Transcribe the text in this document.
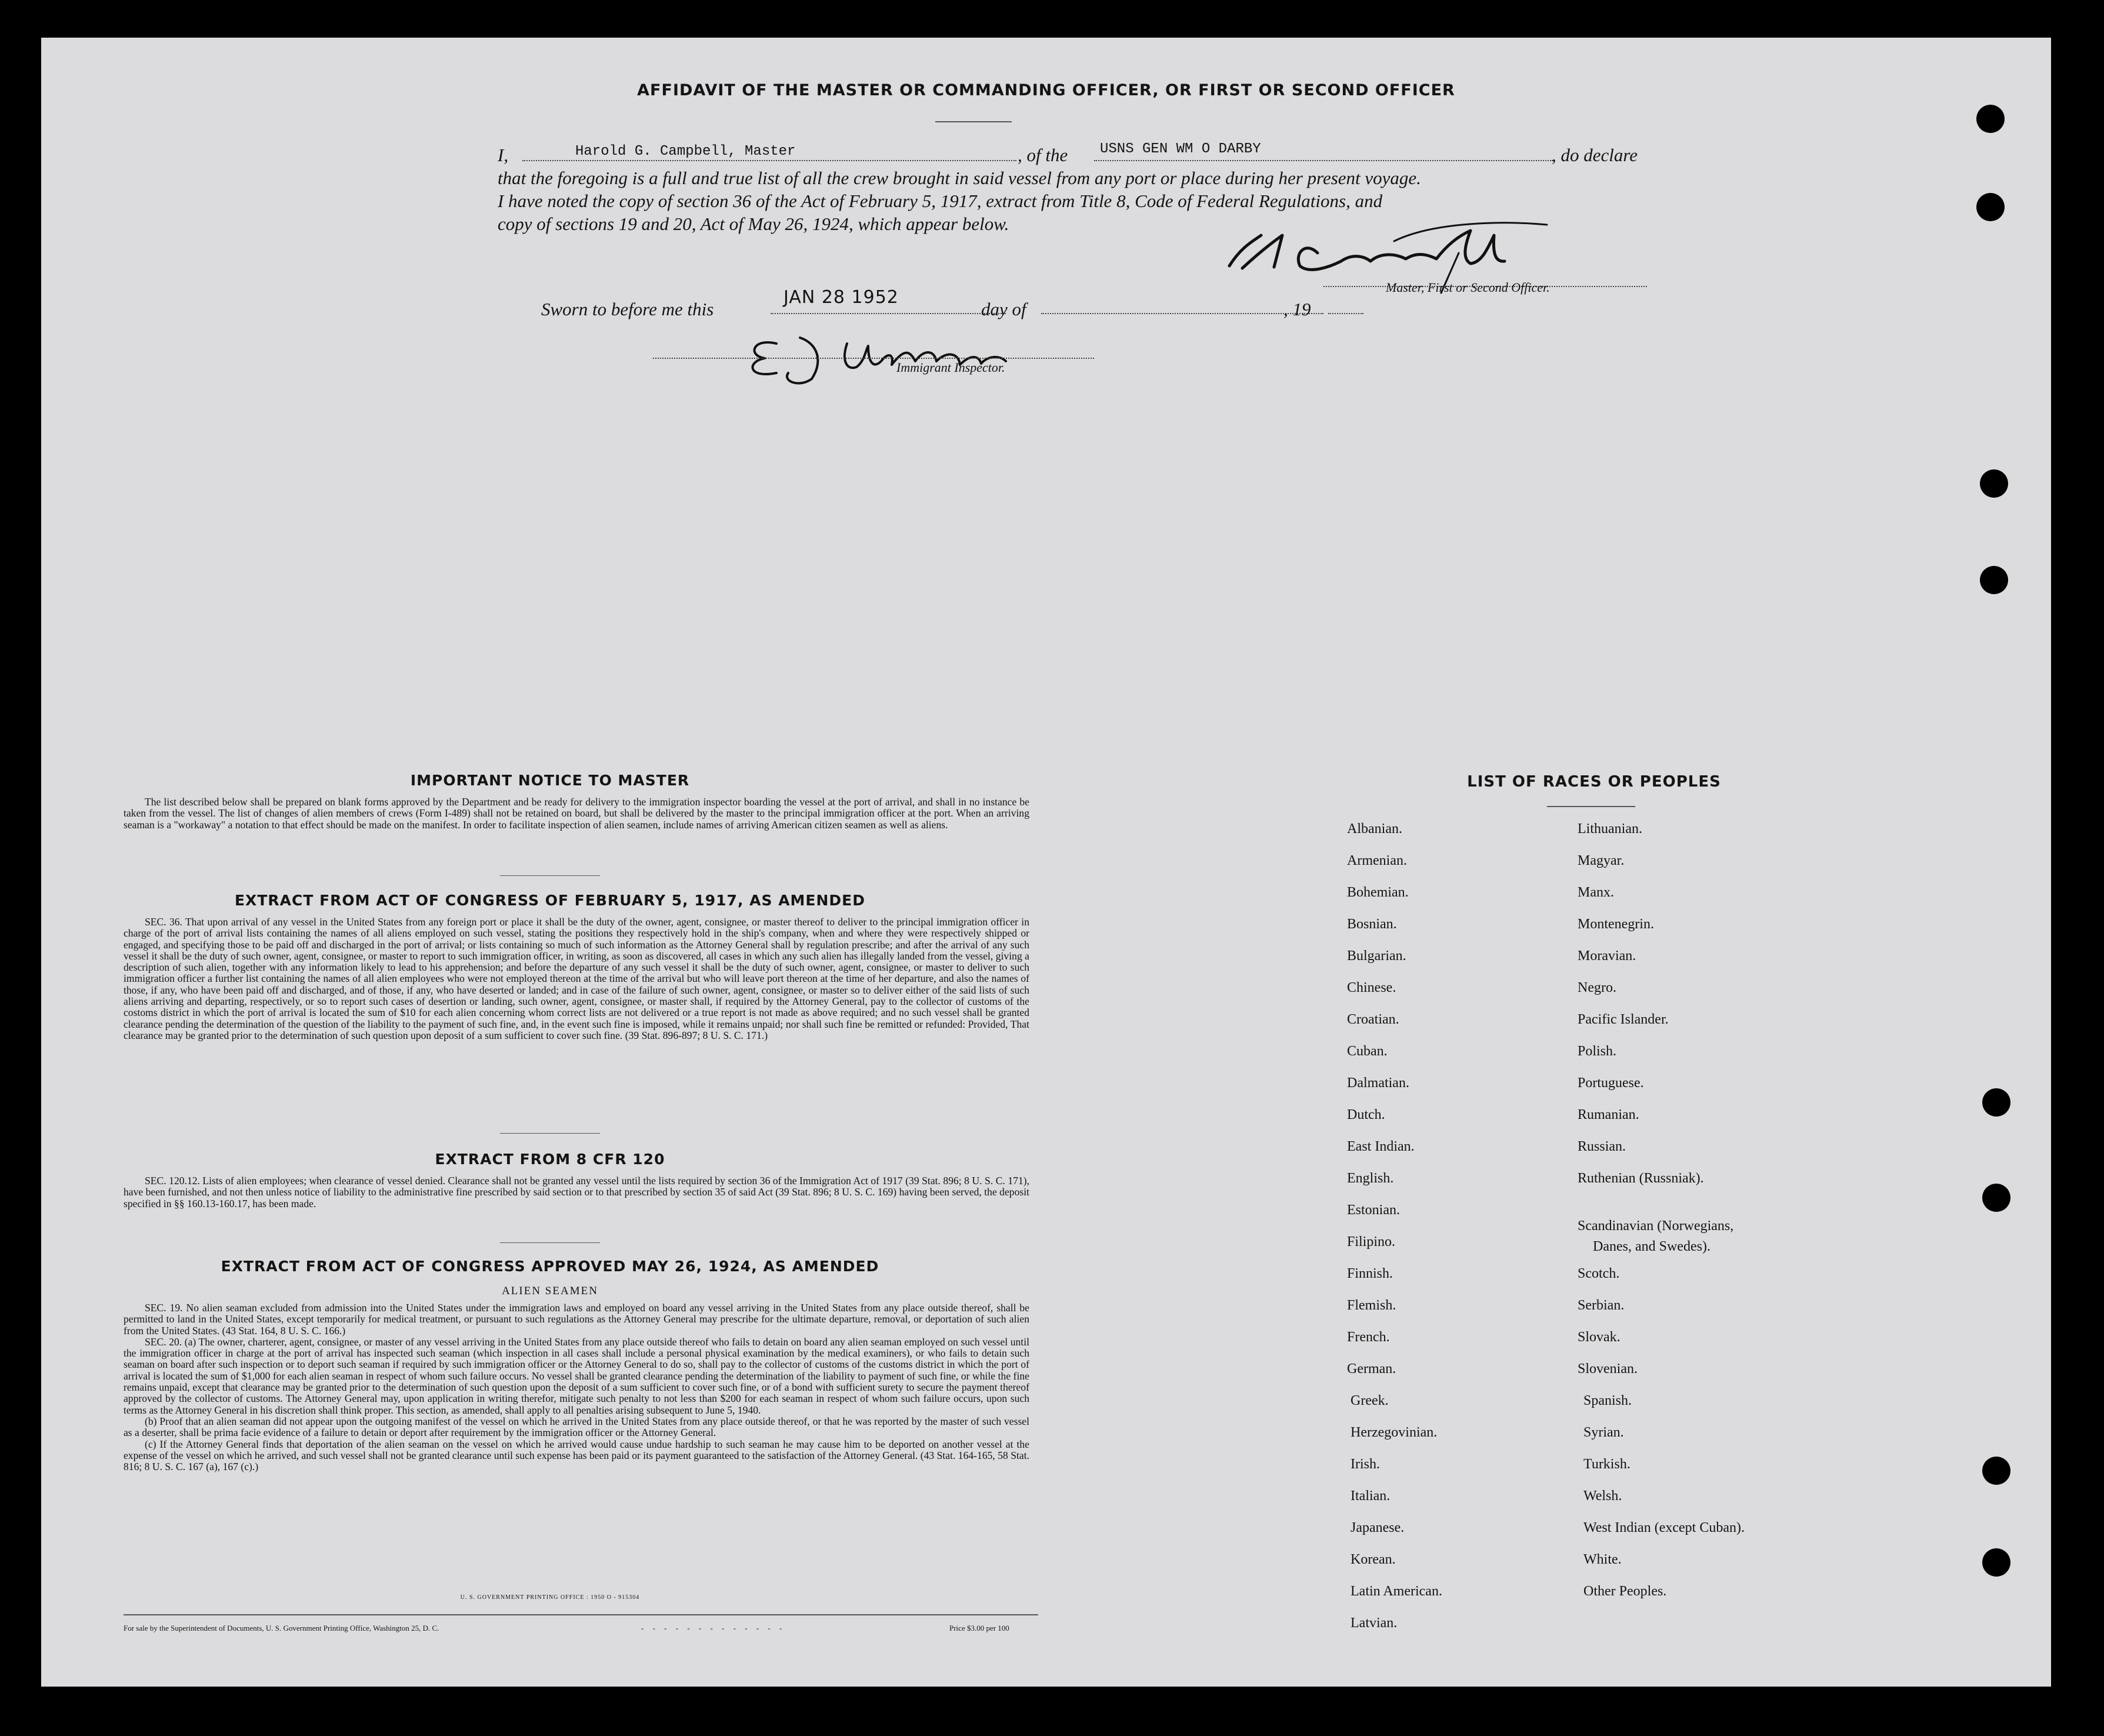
AFFIDAVIT OF THE MASTER OR COMMANDING OFFICER, OR FIRST OR SECOND OFFICER
I,	Harold G. Campbell, Master	, of the USNS GEN WM O DARBY	, do declare
that the foregoing is a full and true list of all the crew brought in said vessel from any port or place during her present voyage.
I have noted the copy of section 36 of the Act of February 5, 1917, extract from Title 8, Code of Federal Regulations, and
copy of sections 19 and 20, Act of May 26, 1924, which appear below.
Master, First or Second Officer.
Sworn to before me this
JAN 28 1952
day of	, 19
Immigrant Inspector.
IMPORTANT NOTICE TO MASTER

The list described below shall be prepared on blank forms approved by the Department and be ready for delivery to the immigration inspector boarding the vessel at the port of arrival, and shall in no instance be taken from the vessel. The list of changes of alien members of crews (Form I-489) shall not be retained on board, but shall be delivered by the master to the principal immigration officer at the port. When an arriving seaman is a "workaway" a notation to that effect should be made on the manifest. In order to facilitate inspection of alien seamen, include names of arriving American citizen seamen as well as aliens.

EXTRACT FROM ACT OF CONGRESS OF FEBRUARY 5, 1917, AS AMENDED

SEC. 36. That upon arrival of any vessel in the United States from any foreign port or place it shall be the duty of the owner, agent, consignee, or master thereof to deliver to the principal immigration officer in charge of the port of arrival lists containing the names of all aliens employed on such vessel, stating the positions they respectively hold in the ship's company, when and where they were respectively shipped or engaged, and specifying those to be paid off and discharged in the port of arrival; or lists containing so much of such information as the Attorney General shall by regulation prescribe; and after the arrival of any such vessel it shall be the duty of such owner, agent, consignee, or master to report to such immigration officer, in writing, as soon as discovered, all cases in which any such alien has illegally landed from the vessel, giving a description of such alien, together with any information likely to lead to his apprehension; and before the departure of any such vessel it shall be the duty of such owner, agent, consignee, or master to deliver to such immigration officer a further list containing the names of all alien employees who were not employed thereon at the time of the arrival but who will leave port thereon at the time of her departure, and also the names of those, if any, who have been paid off and discharged, and of those, if any, who have deserted or landed; and in case of the failure of such owner, agent, consignee, or master so to deliver either of the said lists of such aliens arriving and departing, respectively, or so to report such cases of desertion or landing, such owner, agent, consignee, or master shall, if required by the Attorney General, pay to the collector of customs of the costoms district in which the port of arrival is located the sum of $10 for each alien concerning whom correct lists are not delivered or a true report is not made as above required; and no such vessel shall be granted clearance pending the determination of the question of the liability to the payment of such fine, and, in the event such fine is imposed, while it remains unpaid; nor shall such fine be remitted or refunded: Provided, That clearance may be granted prior to the determination of such question upon deposit of a sum sufficient to cover such fine. (39 Stat. 896-897; 8 U. S. C. 171.)

EXTRACT FROM 8 CFR 120

SEC. 120.12. Lists of alien employees; when clearance of vessel denied. Clearance shall not be granted any vessel until the lists required by section 36 of the Immigration Act of 1917 (39 Stat. 896; 8 U. S. C. 171), have been furnished, and not then unless notice of liability to the administrative fine prescribed by said section or to that prescribed by section 35 of said Act (39 Stat. 896; 8 U. S. C. 169) having been served, the deposit specified in §§ 160.13-160.17, has been made.

EXTRACT FROM ACT OF CONGRESS APPROVED MAY 26, 1924, AS AMENDED
ALIEN SEAMEN

SEC. 19. No alien seaman excluded from admission into the United States under the immigration laws and employed on board any vessel arriving in the United States from any place outside thereof, shall be permitted to land in the United States, except temporarily for medical treatment, or pursuant to such regulations as the Attorney General may prescribe for the ultimate departure, removal, or deportation of such alien from the United States. (43 Stat. 164, 8 U. S. C. 166.)

SEC. 20. (a) The owner, charterer, agent, consignee, or master of any vessel arriving in the United States from any place outside thereof who fails to detain on board any alien seaman employed on such vessel until the immigration officer in charge at the port of arrival has inspected such seaman (which inspection in all cases shall include a personal physical examination by the medical examiners), or who fails to detain such seaman on board after such inspection or to deport such seaman if required by such immigration officer or the Attorney General to do so, shall pay to the collector of customs of the customs district in which the port of arrival is located the sum of $1,000 for each alien seaman in respect of whom such failure occurs. No vessel shall be granted clearance pending the determination of the liability to payment of such fine, or while the fine remains unpaid, except that clearance may be granted prior to the determination of such question upon the deposit of a sum sufficient to cover such fine, or of a bond with sufficient surety to secure the payment thereof approved by the collector of customs. The Attorney General may, upon application in writing therefor, mitigate such penalty to not less than $200 for each seaman in respect of whom such failure occurs, upon such terms as the Attorney General in his discretion shall think proper. This section, as amended, shall apply to all penalties arising subsequent to June 5, 1940.

(b) Proof that an alien seaman did not appear upon the outgoing manifest of the vessel on which he arrived in the United States from any place outside thereof, or that he was reported by the master of such vessel as a deserter, shall be prima facie evidence of a failure to detain or deport after requirement by the immigration officer or the Attorney General.

(c) If the Attorney General finds that deportation of the alien seaman on the vessel on which he arrived would cause undue hardship to such seaman he may cause him to be deported on another vessel at the expense of the vessel on which he arrived, and such vessel shall not be granted clearance until such expense has been paid or its payment guaranteed to the satisfaction of the Attorney General. (43 Stat. 164-165, 58 Stat. 816; 8 U. S. C. 167 (a), 167 (c).)

U. S. GOVERNMENT PRINTING OFFICE : 1950 O - 915304
For sale by the Superintendent of Documents, U. S. Government Printing Office, Washington 25, D. C.	- - - - - - - - - - - - -	Price $3.00 per 100
LIST OF RACES OR PEOPLES
Albanian.
Armenian.
Bohemian.
Bosnian.
Bulgarian.
Chinese.
Croatian.
Cuban.
Dalmatian.
Dutch.
East Indian.
English.
Estonian.
Filipino.
Finnish.
Flemish.
French.
German.
Greek.
Herzegovinian.
Irish.
Italian.
Japanese.
Korean.
Latin American.
Latvian.
Lithuanian.
Magyar.
Manx.
Montenegrin.
Moravian.
Negro.
Pacific Islander.
Polish.
Portuguese.
Rumanian.
Russian.
Ruthenian (Russniak).
Scandinavian (Norwegians,
Danes, and Swedes).
Scotch.
Serbian.
Slovak.
Slovenian.
Spanish.
Syrian.
Turkish.
Welsh.
West Indian (except Cuban).
White.
Other Peoples.
